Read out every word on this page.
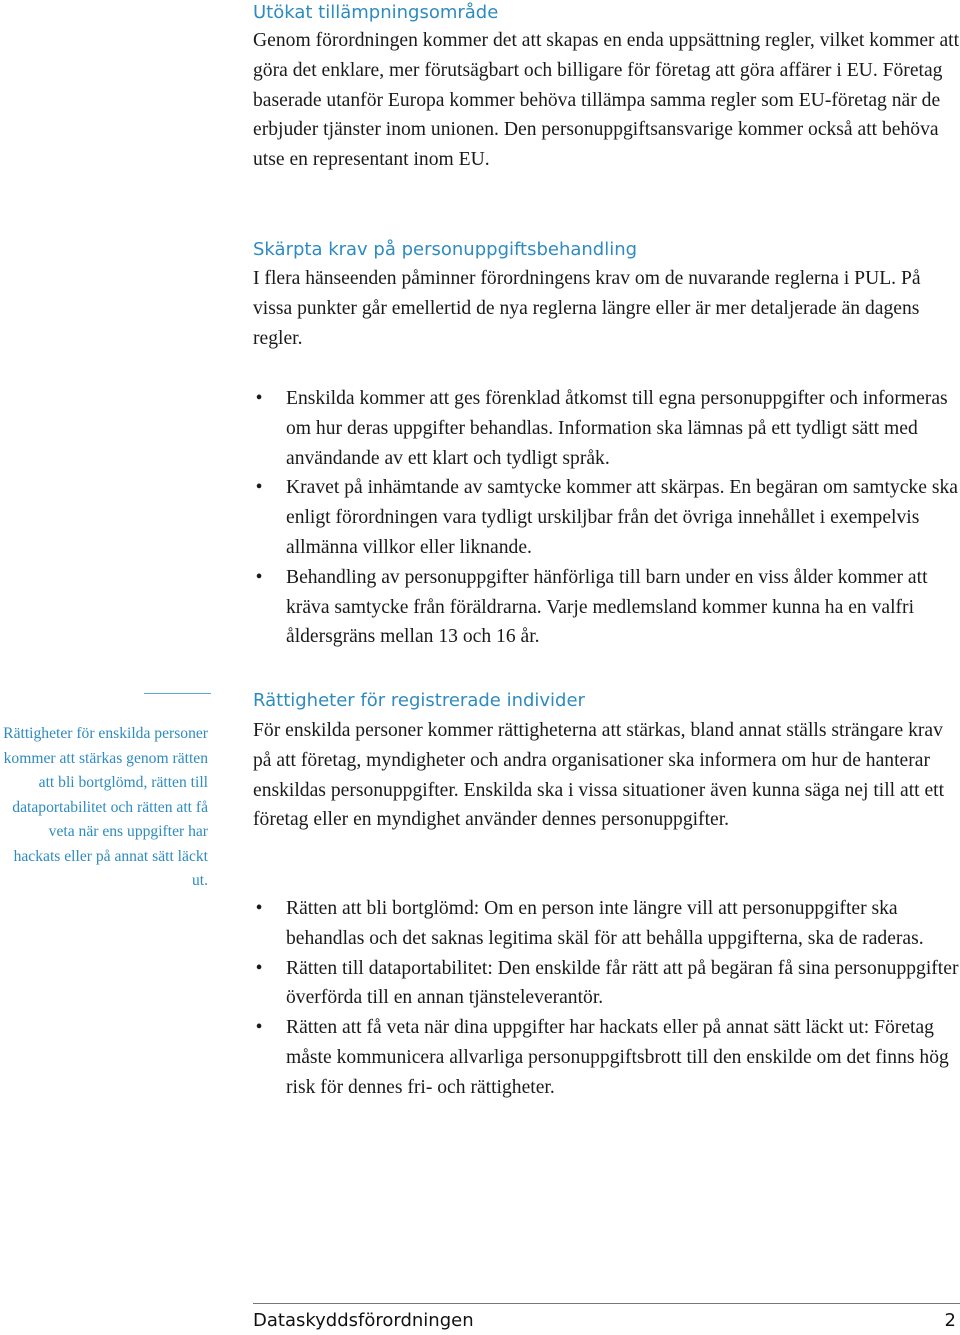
Utökat tillämpningsområde
Genom förordningen kommer det att skapas en enda uppsättning regler, vilket kommer att göra det enklare, mer förutsägbart och billigare för företag att göra affärer i EU. Företag baserade utanför Europa kommer behöva tillämpa samma regler som EU-företag när de erbjuder tjänster inom unionen. Den personuppgiftsansvarige kommer också att behöva utse en representant inom EU.
Skärpta krav på personuppgiftsbehandling
I flera hänseenden påminner förordningens krav om de nuvarande reglerna i PUL. På vissa punkter går emellertid de nya reglerna längre eller är mer detaljerade än dagens regler.
• Enskilda kommer att ges förenklad åtkomst till egna personuppgifter och informeras om hur deras uppgifter behandlas. Information ska lämnas på ett tydligt sätt med användande av ett klart och tydligt språk.
• Kravet på inhämtande av samtycke kommer att skärpas. En begäran om samtycke ska enligt förordningen vara tydligt urskiljbar från det övriga innehållet i exempelvis allmänna villkor eller liknande.
• Behandling av personuppgifter hänförliga till barn under en viss ålder kommer att kräva samtycke från föräldrarna. Varje medlemsland kommer kunna ha en valfri åldersgräns mellan 13 och 16 år.
Rättigheter för registrerade individer
För enskilda personer kommer rättigheterna att stärkas, bland annat ställs strängare krav på att företag, myndigheter och andra organisationer ska informera om hur de hanterar enskildas personuppgifter. Enskilda ska i vissa situationer även kunna säga nej till att ett företag eller en myndighet använder dennes personuppgifter.
• Rätten att bli bortglömd: Om en person inte längre vill att personuppgifter ska behandlas och det saknas legitima skäl för att behålla uppgifterna, ska de raderas.
• Rätten till dataportabilitet: Den enskilde får rätt att på begäran få sina personuppgifter överförda till en annan tjänsteleverantör.
• Rätten att få veta när dina uppgifter har hackats eller på annat sätt läckt ut: Företag måste kommunicera allvarliga personuppgiftsbrott till den enskilde om det finns hög risk för dennes fri- och rättigheter.
Rättigheter för enskilda personer kommer att stärkas genom rätten att bli bortglömd, rätten till dataportabilitet och rätten att få veta när ens uppgifter har hackats eller på annat sätt läckt ut.
Dataskyddsförordningen	2
